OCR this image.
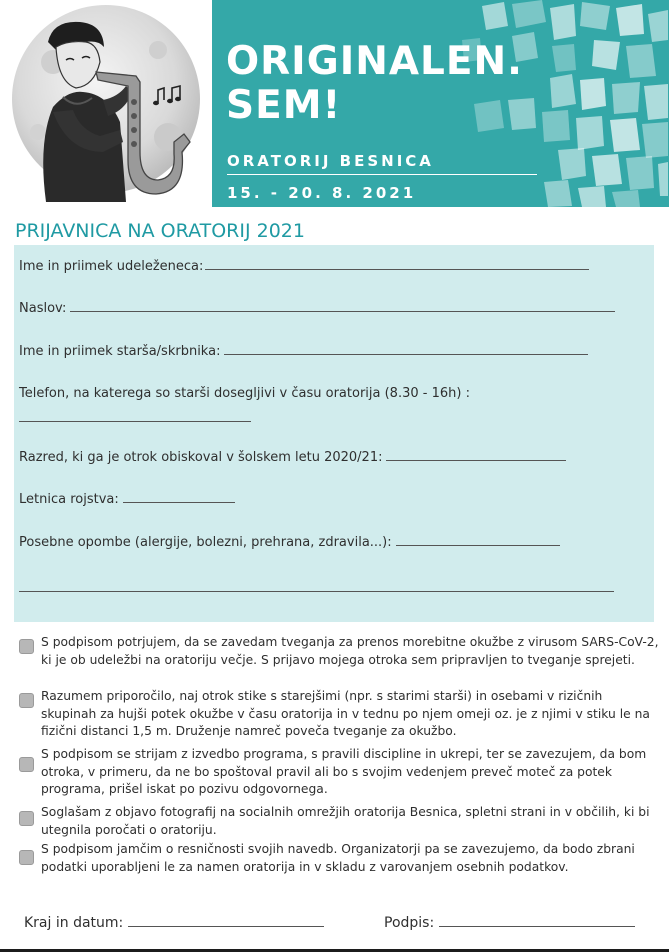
ORIGINALEN.
SEM!
ORATORIJ BESNICA
15. - 20. 8. 2021
PRIJAVNICA NA ORATORIJ 2021
Ime in priimek udeleženeca:
Naslov:
Ime in priimek starša/skrbnika:
Telefon, na katerega so starši dosegljivi v času oratorija (8.30 - 16h) :
Razred, ki ga je otrok obiskoval v šolskem letu 2020/21:
Letnica rojstva:
Posebne opombe (alergije, bolezni, prehrana, zdravila...):
S podpisom potrjujem, da se zavedam tveganja za prenos morebitne okužbe z virusom SARS-CoV-2, ki je ob udeležbi na oratoriju večje. S prijavo mojega otroka sem pripravljen to tveganje sprejeti.
Razumem priporočilo, naj otrok stike s starejšimi (npr. s starimi starši) in osebami v rizičnih skupinah za hujši potek okužbe v času oratorija in v tednu po njem omeji oz. je z njimi v stiku le na fizični distanci 1,5 m. Druženje namreč poveča tveganje za okužbo.
S podpisom se strijam z izvedbo programa, s pravili discipline in ukrepi, ter se zavezujem, da bom otroka, v primeru, da ne bo spoštoval pravil ali bo s svojim vedenjem preveč moteč za potek programa, prišel iskat po pozivu odgovornega.
Soglašam z objavo fotografij na socialnih omrežjih oratorija Besnica, spletni strani in v občilih, ki bi utegnila poročati o oratoriju.
S podpisom jamčim o resničnosti svojih navedb. Organizatorji pa se zavezujemo, da bodo zbrani podatki uporabljeni le za namen oratorija in v skladu z varovanjem osebnih podatkov.
Kraj in datum:	Podpis:
